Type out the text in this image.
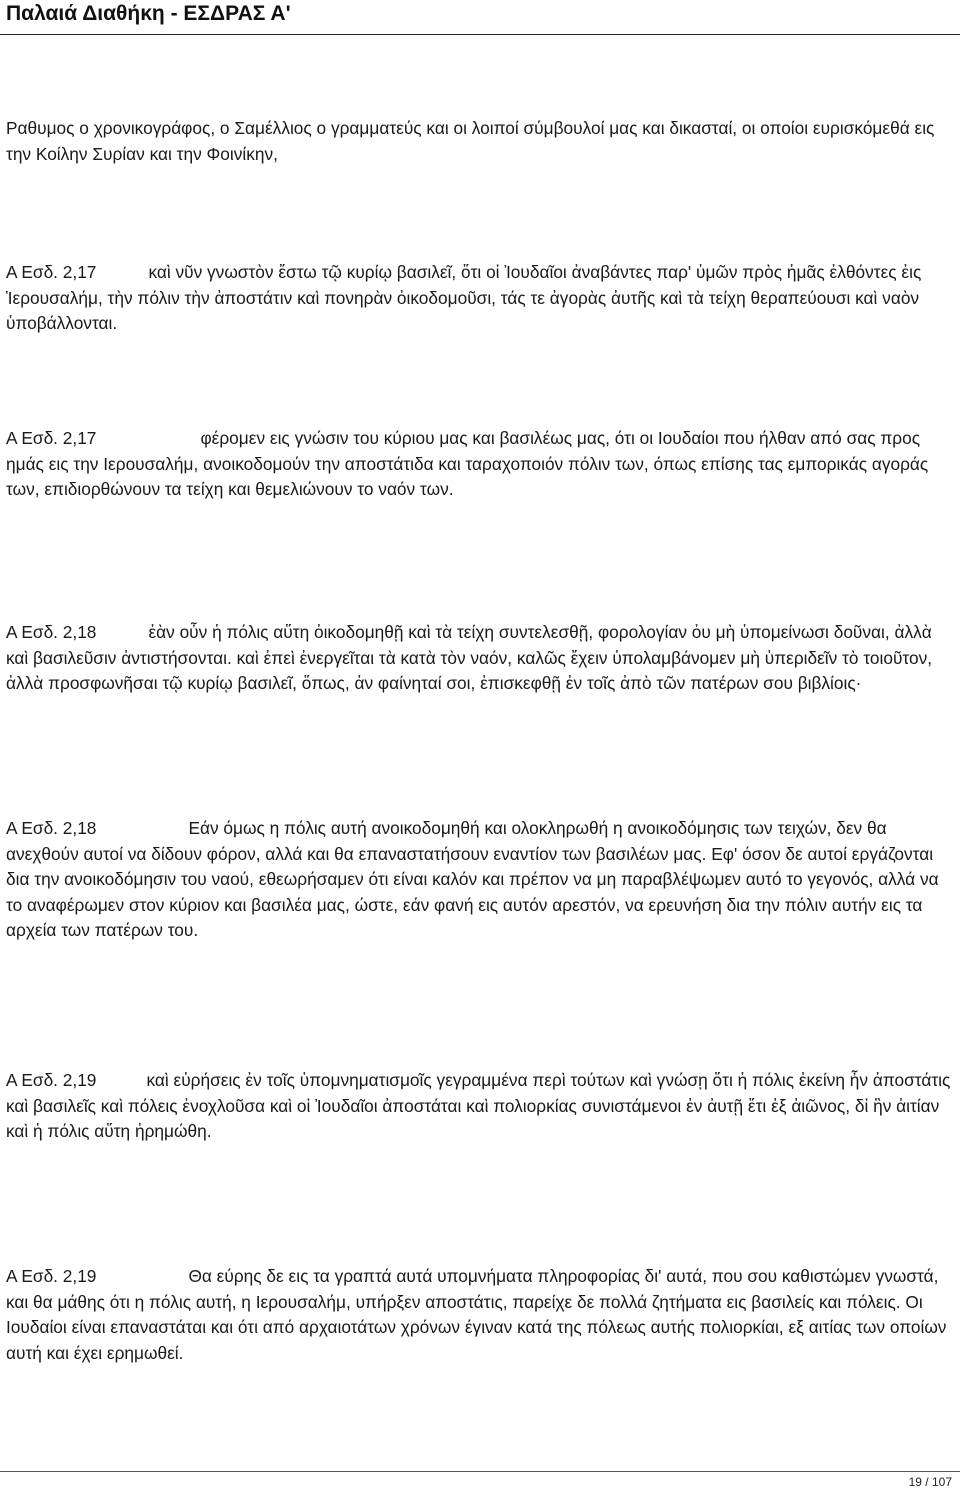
Παλαιά Διαθήκη - ΕΣΔΡΑΣ Α'

Ραθυμος ο χρονικογράφος, ο Σαμέλλιος ο γραμματεύς και οι λοιποί σύμβουλοί μας και δικασταί, οι οποίοι ευρισκόμεθά εις την Κοίλην Συρίαν και την Φοινίκην,

Α Εσδ. 2,17	καὶ νῦν γνωστὸν ἔστω τῷ κυρίῳ βασιλεῖ, ὅτι οἱ Ἰουδαῖοι ἀναβάντες παρ' ὑμῶν πρὸς ἡμᾶς ἐλθόντες ἐις Ἱερουσαλήμ, τὴν πόλιν τὴν ἀποστάτιν καὶ πονηρὰν ὀικοδομοῦσι, τάς τε ἀγορὰς ἀυτῆς καὶ τὰ τείχη θεραπεύουσι καὶ ναὸν ὑποβάλλονται.

Α Εσδ. 2,17	φέρομεν εις γνώσιν του κύριου μας και βασιλέως μας, ότι οι Ιουδαίοι που ήλθαν από σας προς ημάς εις την Ιερουσαλήμ, ανοικοδομούν την αποστάτιδα και ταραχοποιόν πόλιν των, όπως επίσης τας εμπορικάς αγοράς των, επιδιορθώνουν τα τείχη και θεμελιώνουν το ναόν των.

Α Εσδ. 2,18	ἐὰν οὖν ἡ πόλις αὕτη ὀικοδομηθῇ καὶ τὰ τείχη συντελεσθῇ, φορολογίαν ὀυ μὴ ὑπομείνωσι δοῦναι, ἀλλὰ καὶ βασιλεῦσιν ἀντιστήσονται. καὶ ἐπεὶ ἐνεργεῖται τὰ κατὰ τὸν ναόν, καλῶς ἔχειν ὑπολαμβάνομεν μὴ ὑπεριδεῖν τὸ τοιοῦτον, ἀλλὰ προσφωνῆσαι τῷ κυρίῳ βασιλεῖ, ὅπως, ἀν φαίνηταί σοι, ἐπισκεφθῇ ἐν τοῖς ἀπὸ τῶν πατέρων σου βιβλίοις·

Α Εσδ. 2,18	Εάν όμως η πόλις αυτή ανοικοδομηθή και ολοκληρωθή η ανοικοδόμησις των τειχών, δεν θα ανεχθούν αυτοί να δίδουν φόρον, αλλά και θα επαναστατήσουν εναντίον των βασιλέων μας. Εφ' όσον δε αυτοί εργάζονται δια την ανοικοδόμησιν του ναού, εθεωρήσαμεν ότι είναι καλόν και πρέπον να μη παραβλέψωμεν αυτό το γεγονός, αλλά να το αναφέρωμεν στον κύριον και βασιλέα μας, ώστε, εάν φανή εις αυτόν αρεστόν, να ερευνήση δια την πόλιν αυτήν εις τα αρχεία των πατέρων του.

Α Εσδ. 2,19	καὶ εὑρήσεις ἐν τοῖς ὑπομνηματισμοῖς γεγραμμένα περὶ τούτων καὶ γνώσῃ ὅτι ἡ πόλις ἐκείνη ἦν ἀποστάτις καὶ βασιλεῖς καὶ πόλεις ἐνοχλοῦσα καὶ οἱ Ἰουδαῖοι ἀποστάται καὶ πολιορκίας συνιστάμενοι ἐν ἀυτῇ ἔτι ἐξ ἀιῶνος, δἰ ἣν ἀιτίαν καὶ ἡ πόλις αὕτη ἠρημώθη.

Α Εσδ. 2,19	Θα εύρης δε εις τα γραπτά αυτά υπομνήματα πληροφορίας δι' αυτά, που σου καθιστώμεν γνωστά, και θα μάθης ότι η πόλις αυτή, η Ιερουσαλήμ, υπήρξεν αποστάτις, παρείχε δε πολλά ζητήματα εις βασιλείς και πόλεις. Οι Ιουδαίοι είναι επαναστάται και ότι από αρχαιοτάτων χρόνων έγιναν κατά της πόλεως αυτής πολιορκίαι, εξ αιτίας των οποίων αυτή και έχει ερημωθεί.

19 / 107
